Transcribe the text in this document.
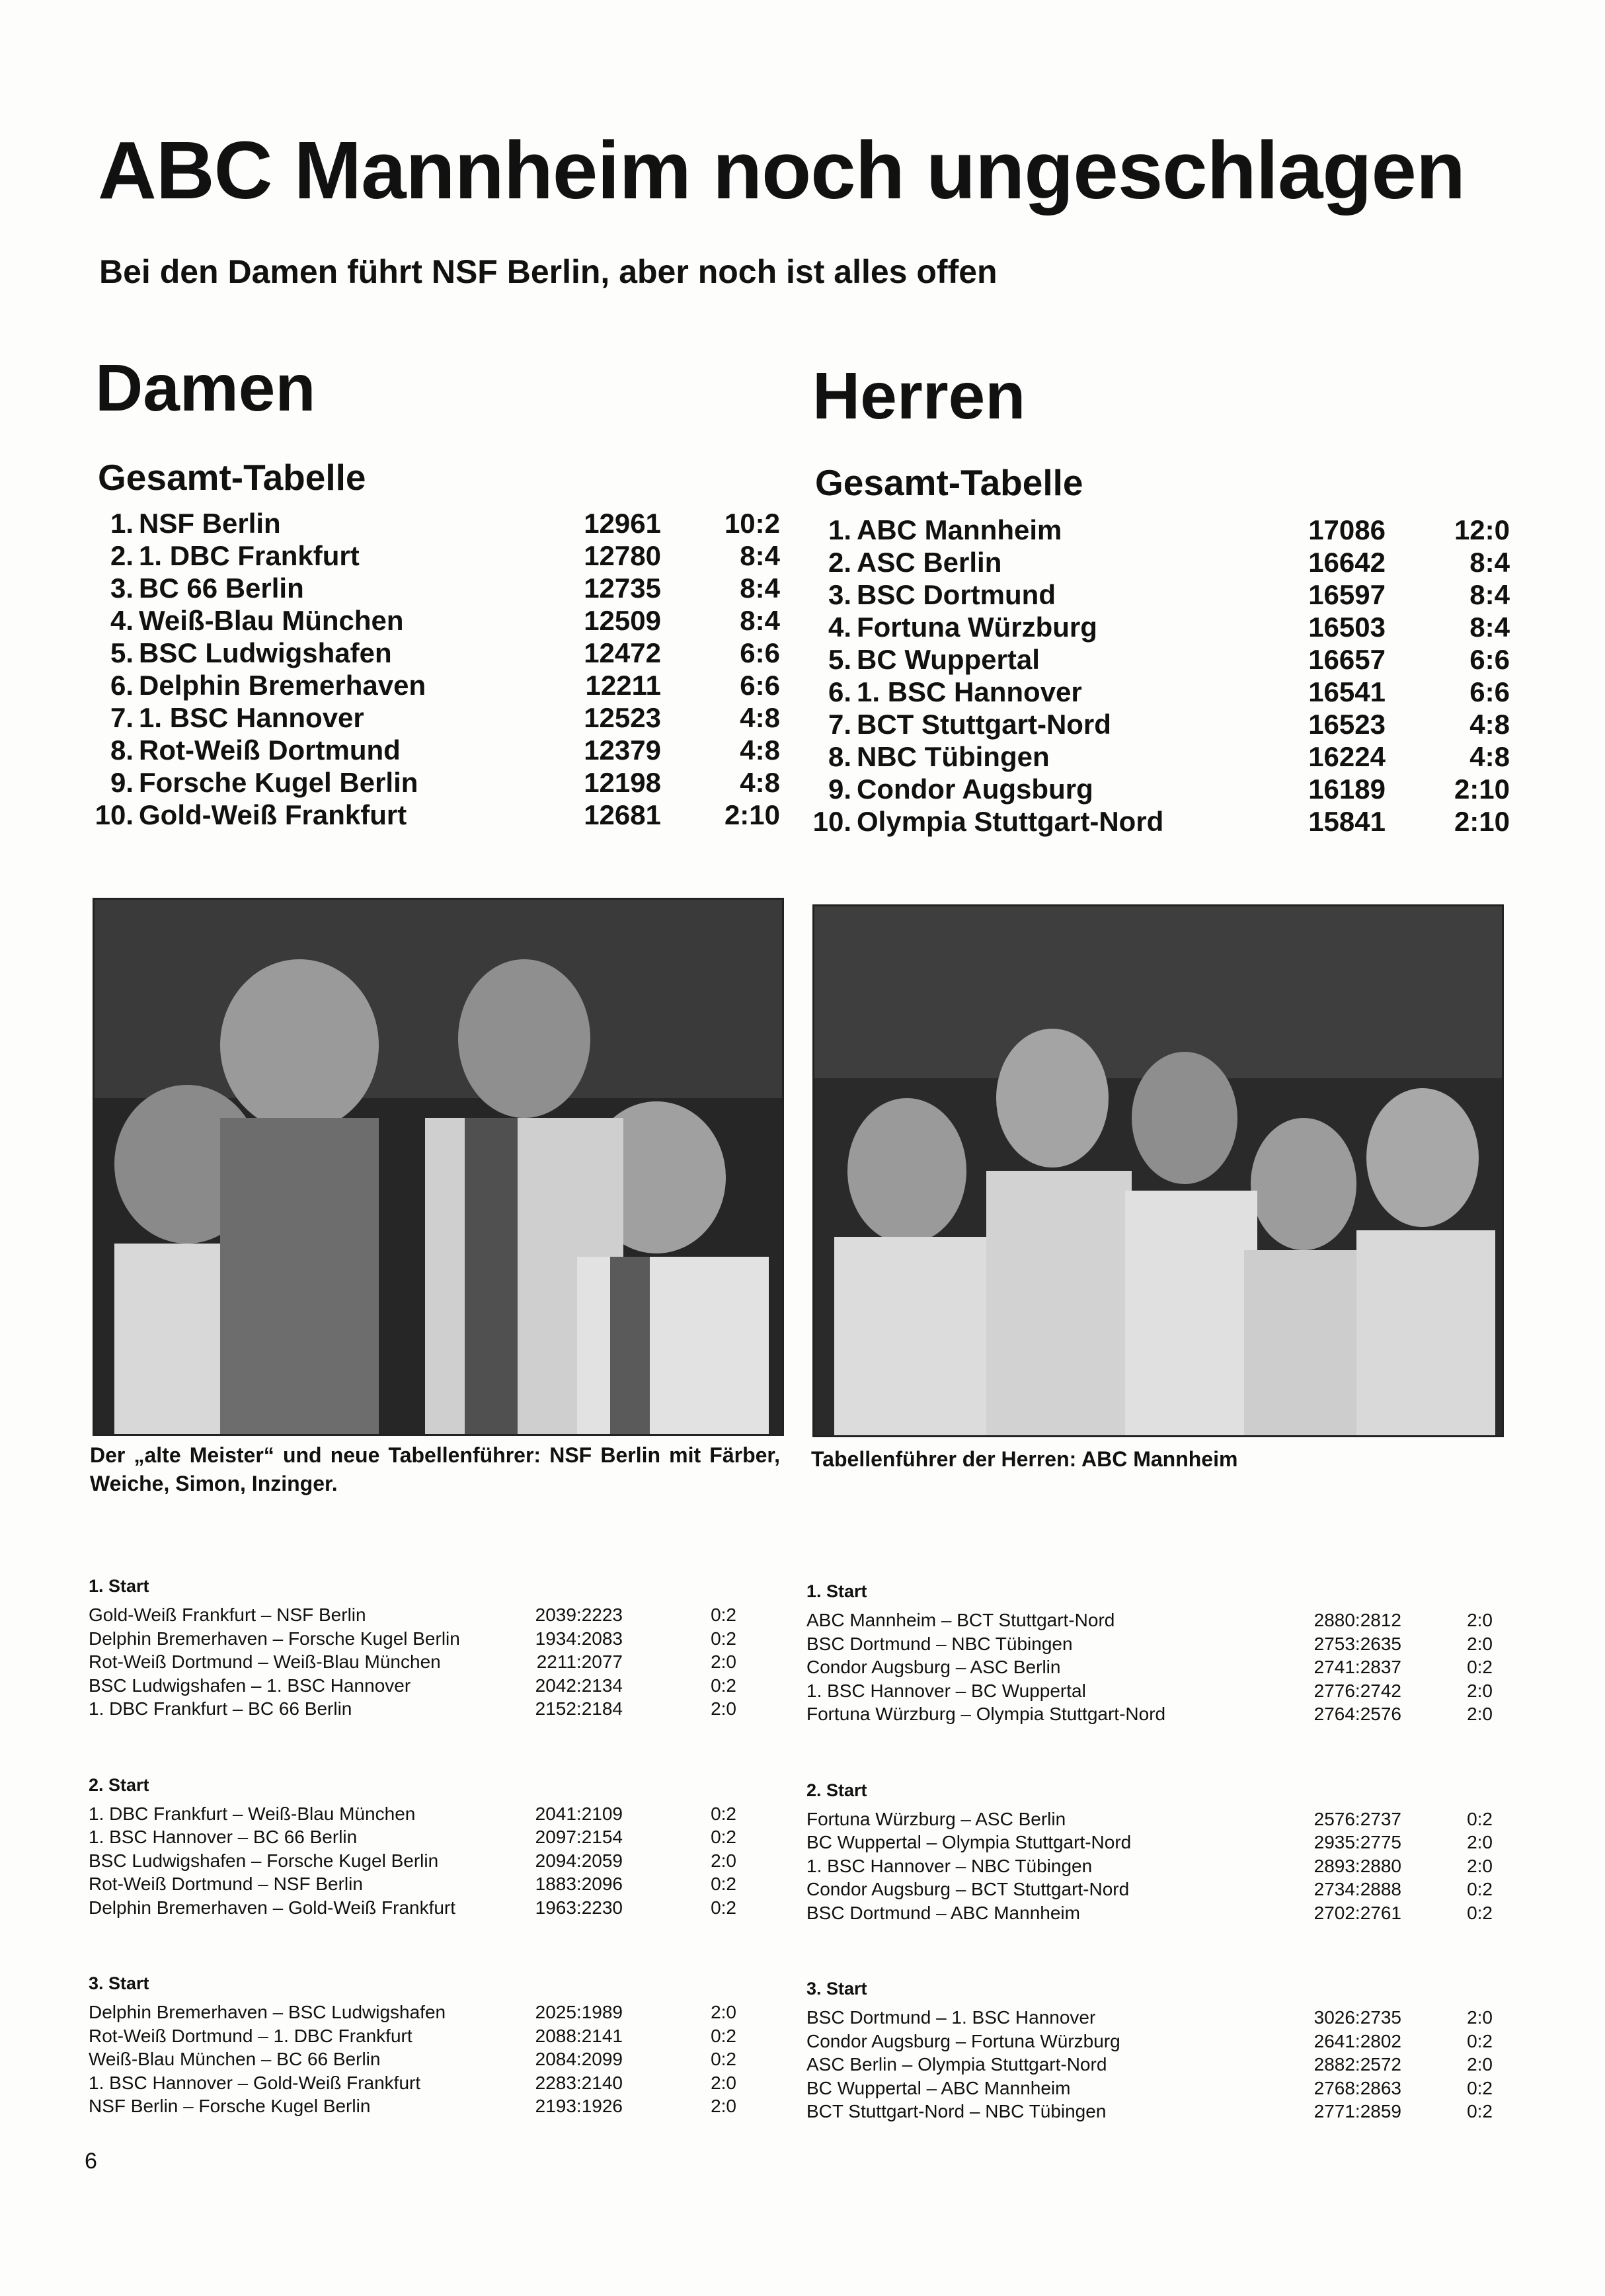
ABC Mannheim noch ungeschlagen
Bei den Damen führt NSF Berlin, aber noch ist alles offen
Damen
Gesamt-Tabelle
1. NSF Berlin	12961	10:2
2. 1. DBC Frankfurt	12780	8:4
3. BC 66 Berlin	12735	8:4
4. Weiß-Blau München	12509	8:4
5. BSC Ludwigshafen	12472	6:6
6. Delphin Bremerhaven	12211	6:6
7. 1. BSC Hannover	12523	4:8
8. Rot-Weiß Dortmund	12379	4:8
9. Forsche Kugel Berlin	12198	4:8
10. Gold-Weiß Frankfurt	12681	2:10
Herren
Gesamt-Tabelle
1. ABC Mannheim	17086	12:0
2. ASC Berlin	16642	8:4
3. BSC Dortmund	16597	8:4
4. Fortuna Würzburg	16503	8:4
5. BC Wuppertal	16657	6:6
6. 1. BSC Hannover	16541	6:6
7. BCT Stuttgart-Nord	16523	4:8
8. NBC Tübingen	16224	4:8
9. Condor Augsburg	16189	2:10
10. Olympia Stuttgart-Nord	15841	2:10
Der „alte Meister“ und neue Tabellenführer: NSF Berlin mit Färber, Weiche, Simon, Inzinger.
Tabellenführer der Herren: ABC Mannheim
1. Start
Gold-Weiß Frankfurt – NSF Berlin	2039:2223	0:2
Delphin Bremerhaven – Forsche Kugel Berlin	1934:2083	0:2
Rot-Weiß Dortmund – Weiß-Blau München	2211:2077	2:0
BSC Ludwigshafen – 1. BSC Hannover	2042:2134	0:2
1. DBC Frankfurt – BC 66 Berlin	2152:2184	2:0
2. Start
1. DBC Frankfurt – Weiß-Blau München	2041:2109	0:2
1. BSC Hannover – BC 66 Berlin	2097:2154	0:2
BSC Ludwigshafen – Forsche Kugel Berlin	2094:2059	2:0
Rot-Weiß Dortmund – NSF Berlin	1883:2096	0:2
Delphin Bremerhaven – Gold-Weiß Frankfurt	1963:2230	0:2
3. Start
Delphin Bremerhaven – BSC Ludwigshafen	2025:1989	2:0
Rot-Weiß Dortmund – 1. DBC Frankfurt	2088:2141	0:2
Weiß-Blau München – BC 66 Berlin	2084:2099	0:2
1. BSC Hannover – Gold-Weiß Frankfurt	2283:2140	2:0
NSF Berlin – Forsche Kugel Berlin	2193:1926	2:0
1. Start
ABC Mannheim – BCT Stuttgart-Nord	2880:2812	2:0
BSC Dortmund – NBC Tübingen	2753:2635	2:0
Condor Augsburg – ASC Berlin	2741:2837	0:2
1. BSC Hannover – BC Wuppertal	2776:2742	2:0
Fortuna Würzburg – Olympia Stuttgart-Nord	2764:2576	2:0
2. Start
Fortuna Würzburg – ASC Berlin	2576:2737	0:2
BC Wuppertal – Olympia Stuttgart-Nord	2935:2775	2:0
1. BSC Hannover – NBC Tübingen	2893:2880	2:0
Condor Augsburg – BCT Stuttgart-Nord	2734:2888	0:2
BSC Dortmund – ABC Mannheim	2702:2761	0:2
3. Start
BSC Dortmund – 1. BSC Hannover	3026:2735	2:0
Condor Augsburg – Fortuna Würzburg	2641:2802	0:2
ASC Berlin – Olympia Stuttgart-Nord	2882:2572	2:0
BC Wuppertal – ABC Mannheim	2768:2863	0:2
BCT Stuttgart-Nord – NBC Tübingen	2771:2859	0:2
6
